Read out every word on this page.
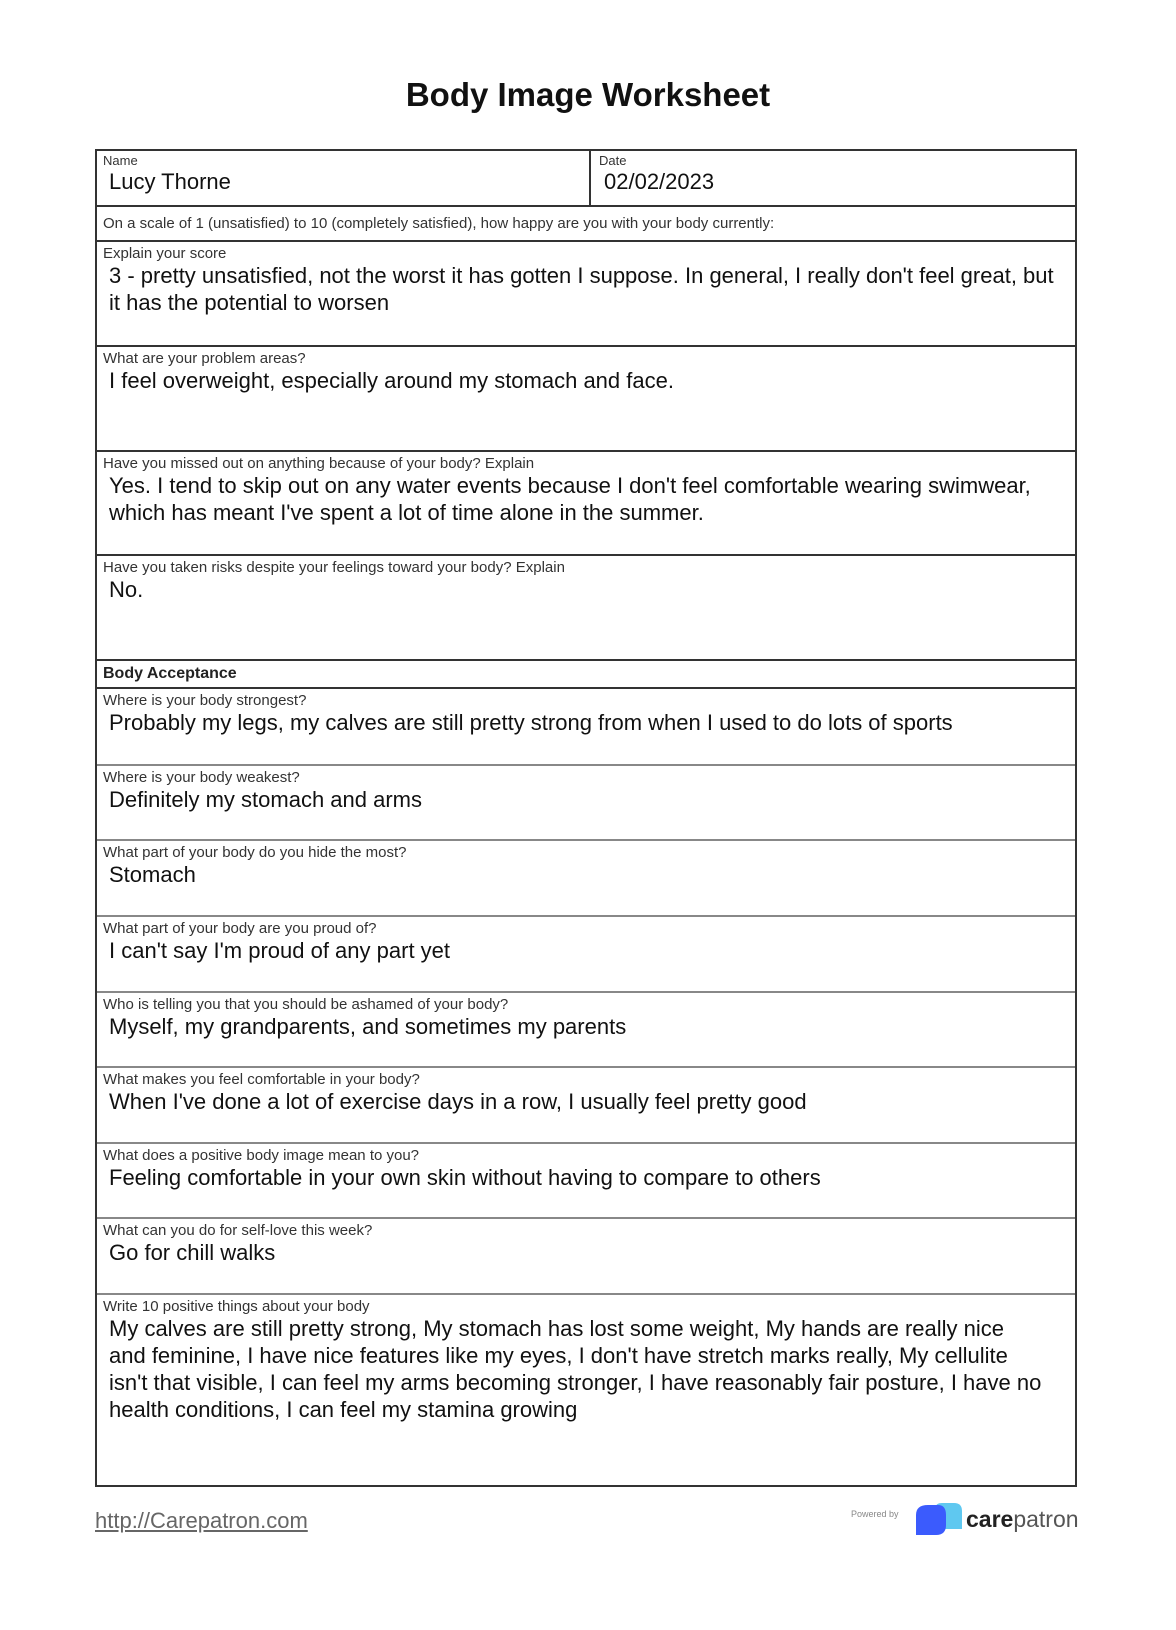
Body Image Worksheet
Name
Lucy Thorne
Date
02/02/2023
On a scale of 1 (unsatisfied) to 10 (completely satisfied), how happy are you with your body currently:
Explain your score
3 - pretty unsatisfied, not the worst it has gotten I suppose. In general, I really don't feel great, but it has the potential to worsen
What are your problem areas?
I feel overweight, especially around my stomach and face.
Have you missed out on anything because of your body? Explain
Yes. I tend to skip out on any water events because I don't feel comfortable wearing swimwear, which has meant I've spent a lot of time alone in the summer.
Have you taken risks despite your feelings toward your body? Explain
No.
Body Acceptance
Where is your body strongest?
Probably my legs, my calves are still pretty strong from when I used to do lots of sports
Where is your body weakest?
Definitely my stomach and arms
What part of your body do you hide the most?
Stomach
What part of your body are you proud of?
I can't say I'm proud of any part yet
Who is telling you that you should be ashamed of your body?
Myself, my grandparents, and sometimes my parents
What makes you feel comfortable in your body?
When I've done a lot of exercise days in a row, I usually feel pretty good
What does a positive body image mean to you?
Feeling comfortable in your own skin without having to compare to others
What can you do for self-love this week?
Go for chill walks
Write 10 positive things about your body
My calves are still pretty strong, My stomach has lost some weight, My hands are really nice and feminine, I have nice features like my eyes, I don't have stretch marks really, My cellulite isn't that visible, I can feel my arms becoming stronger, I have reasonably fair posture, I have no health conditions, I can feel my stamina growing
http://Carepatron.com	Powered by	carepatron
